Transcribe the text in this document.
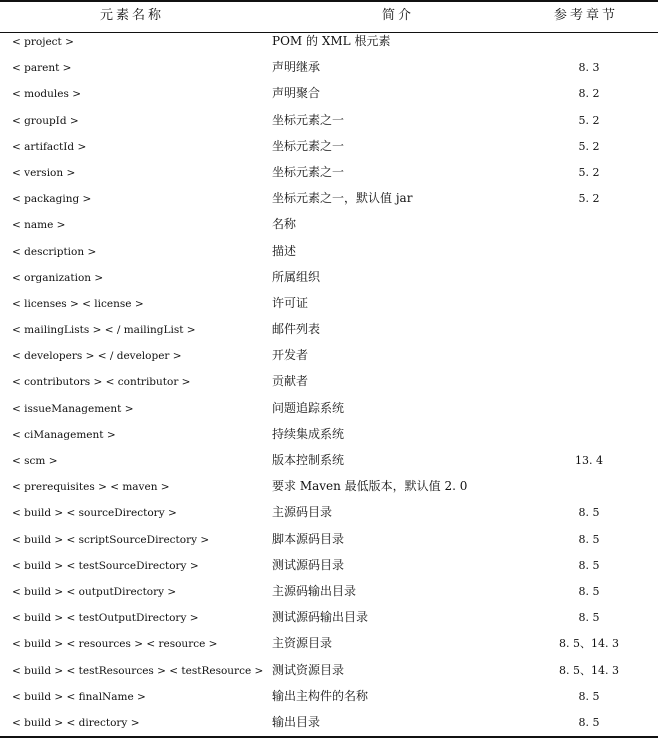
元素名称	简介	参考章节
< project >	POM 的 XML 根元素
< parent >	声明继承	8. 3
< modules >	声明聚合	8. 2
< groupId >	坐标元素之一	5. 2
< artifactId >	坐标元素之一	5. 2
< version >	坐标元素之一	5. 2
< packaging >	坐标元素之一，默认值 jar	5. 2
< name >	名称
< description >	描述
< organization >	所属组织
< licenses > < license >	许可证
< mailingLists > < / mailingList >	邮件列表
< developers > < / developer >	开发者
< contributors > < contributor >	贡献者
< issueManagement >	问题追踪系统
< ciManagement >	持续集成系统
< scm >	版本控制系统	13. 4
< prerequisites > < maven >	要求 Maven 最低版本，默认值 2. 0
< build > < sourceDirectory >	主源码目录	8. 5
< build > < scriptSourceDirectory >	脚本源码目录	8. 5
< build > < testSourceDirectory >	测试源码目录	8. 5
< build > < outputDirectory >	主源码输出目录	8. 5
< build > < testOutputDirectory >	测试源码输出目录	8. 5
< build > < resources > < resource >	主资源目录	8. 5、14. 3
< build > < testResources > < testResource > 测试资源目录	8. 5、14. 3
< build > < finalName >	输出主构件的名称	8. 5
< build > < directory >	输出目录	8. 5
